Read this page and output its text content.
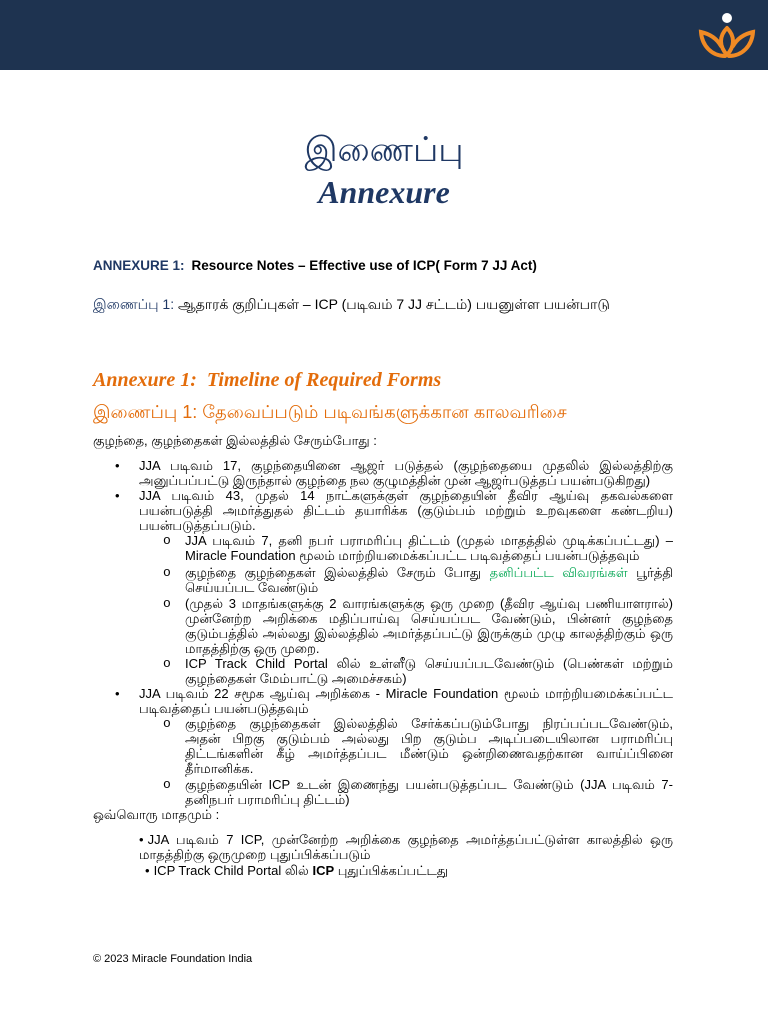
இணைப்பு
Annexure
ANNEXURE 1: Resource Notes – Effective use of ICP( Form 7 JJ Act)
இணைப்பு 1: ஆதாரக் குறிப்புகள் – ICP (படிவம் 7 JJ சட்டம்) பயனுள்ள பயன்பாடு
Annexure 1:  Timeline of Required Forms
இணைப்பு 1: தேவைப்படும் படிவங்களுக்கான காலவரிசை
குழந்தை, குழந்தைகள் இல்லத்தில் சேரும்போது :
• JJA படிவம் 17, குழந்தையினை ஆஜர் படுத்தல் (குழந்தையை முதலில் இல்லத்திற்கு அனுப்பப்பட்டு இருந்தால் குழந்தை நல குழுமத்தின் முன் ஆஜர்படுத்தப் பயன்படுகிறது)
• JJA படிவம் 43, முதல் 14 நாட்களுக்குள் குழந்தையின் தீவிர ஆய்வு தகவல்களை பயன்படுத்தி அமர்த்துதல் திட்டம் தயாரிக்க (குடும்பம் மற்றும் உறவுகளை கண்டறிய) பயன்படுத்தப்படும்.
o JJA படிவம் 7, தனி நபர் பராமரிப்பு திட்டம் (முதல் மாதத்தில் முடிக்கப்பட்டது) – Miracle Foundation மூலம் மாற்றியமைக்கப்பட்ட படிவத்தைப் பயன்படுத்தவும்
o குழந்தை குழந்தைகள் இல்லத்தில் சேரும் போது தனிப்பட்ட விவரங்கள் பூர்த்தி செய்யப்பட வேண்டும்
o (முதல் 3 மாதங்களுக்கு 2 வாரங்களுக்கு ஒரு முறை (தீவிர ஆய்வு பணியாளரால்) முன்னேற்ற அறிக்கை மதிப்பாய்வு செய்யப்பட வேண்டும், பின்னர் குழந்தை குடும்பத்தில் அல்லது இல்லத்தில் அமர்த்தப்பட்டு இருக்கும் முழு காலத்திற்கும் ஒரு மாதத்திற்கு ஒரு முறை.
o ICP Track Child Portal லில் உள்ளீடு செய்யப்படவேண்டும் (பெண்கள் மற்றும் குழந்தைகள் மேம்பாட்டு அமைச்சகம்)
• JJA படிவம் 22 சமூக ஆய்வு அறிக்கை - Miracle Foundation மூலம் மாற்றியமைக்கப்பட்ட படிவத்தைப் பயன்படுத்தவும்
o குழந்தை குழந்தைகள் இல்லத்தில் சேர்க்கப்படும்போது நிரப்பப்படவேண்டும், அதன் பிறகு குடும்பம் அல்லது பிற குடும்ப அடிப்படையிலான பராமரிப்பு திட்டங்களின் கீழ் அமர்த்தப்பட மீண்டும் ஒன்றிணைவதற்கான வாய்ப்பினை தீர்மானிக்க.
o குழந்தையின் ICP உடன் இணைந்து பயன்படுத்தப்பட வேண்டும் (JJA படிவம் 7- தனிநபர் பராமரிப்பு திட்டம்)
ஒவ்வொரு மாதமும் :
• JJA படிவம் 7 ICP, முன்னேற்ற அறிக்கை குழந்தை அமர்த்தப்பட்டுள்ள காலத்தில் ஒரு மாதத்திற்கு ஒருமுறை புதுப்பிக்கப்படும்
• ICP Track Child Portal லில் ICP புதுப்பிக்கப்பட்டது
© 2023 Miracle Foundation India
